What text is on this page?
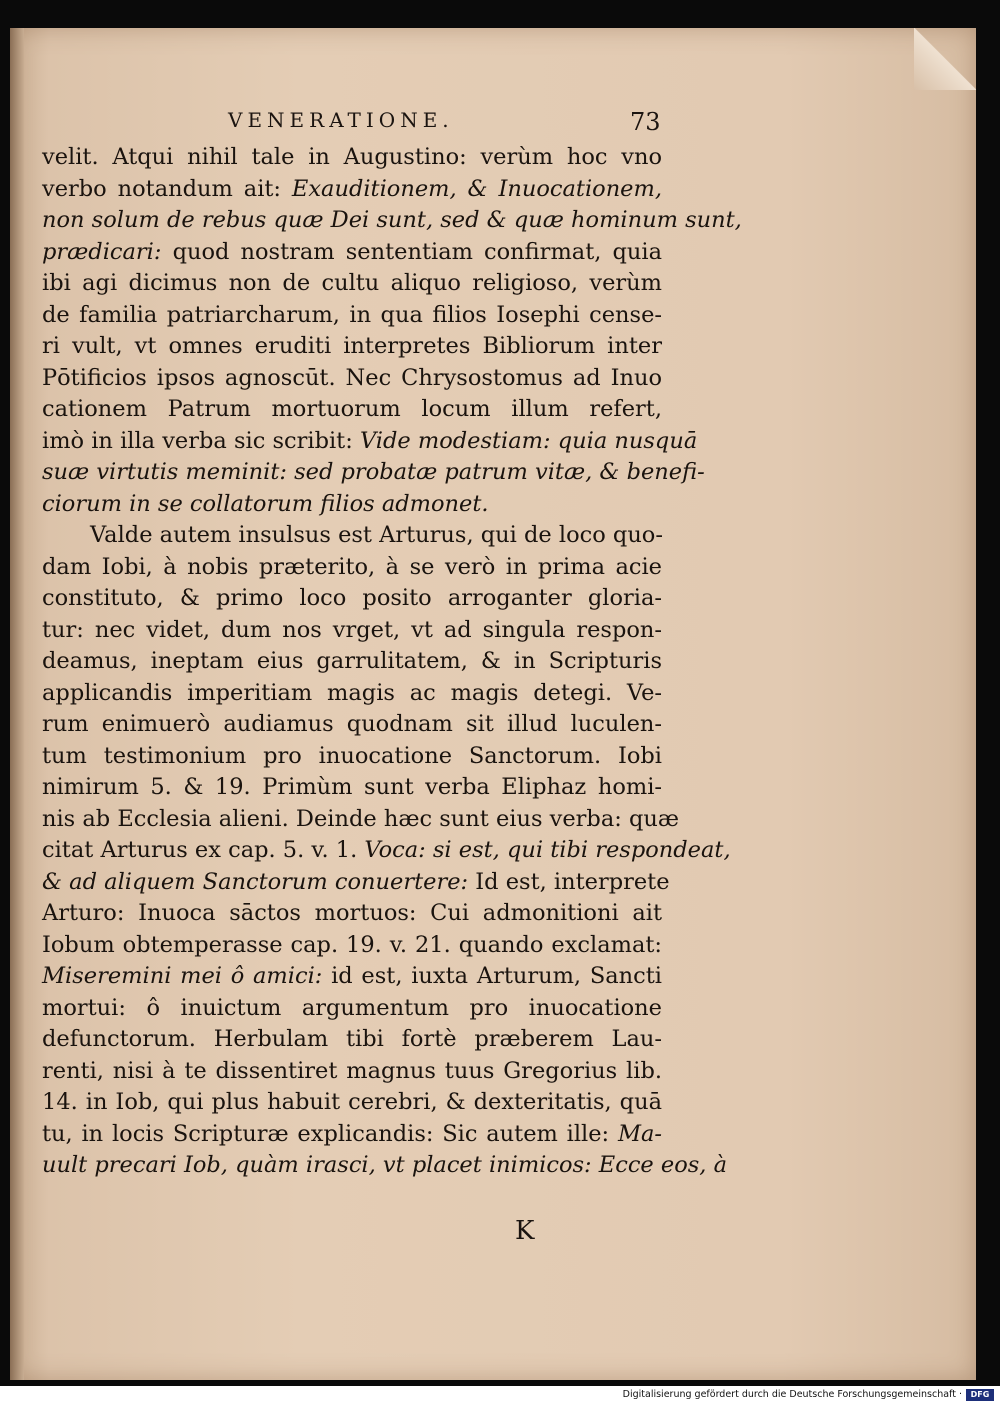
VENERATIONE.	73
velit. Atqui nihil tale in Augustino: verùm hoc vno
verbo notandum ait: Exauditionem, & Inuocationem,
non solum de rebus quæ Dei sunt, sed & quæ hominum sunt,
prædicari: quod nostram sententiam confirmat, quia
ibi agi dicimus non de cultu aliquo religioso, verùm
de familia patriarcharum, in qua filios Iosephi cense-
ri vult, vt omnes eruditi interpretes Bibliorum inter
Pōtificios ipsos agnoscūt. Nec Chrysostomus ad Inuo
cationem Patrum mortuorum locum illum refert,
imò in illa verba sic scribit: Vide modestiam: quia nusquā
suæ virtutis meminit: sed probatæ patrum vitæ, & benefi-
ciorum in se collatorum filios admonet.
Valde autem insulsus est Arturus, qui de loco quo-
dam Iobi, à nobis præterito, à se verò in prima acie
constituto, & primo loco posito arroganter gloria-
tur: nec videt, dum nos vrget, vt ad singula respon-
deamus, ineptam eius garrulitatem, & in Scripturis
applicandis imperitiam magis ac magis detegi. Ve-
rum enimuerò audiamus quodnam sit illud luculen-
tum testimonium pro inuocatione Sanctorum. Iobi
nimirum 5. & 19. Primùm sunt verba Eliphaz homi-
nis ab Ecclesia alieni. Deinde hæc sunt eius verba: quæ
citat Arturus ex cap. 5. v. 1. Voca: si est, qui tibi respondeat,
& ad aliquem Sanctorum conuertere: Id est, interprete
Arturo: Inuoca sāctos mortuos: Cui admonitioni ait
Iobum obtemperasse cap. 19. v. 21. quando exclamat:
Miseremini mei ô amici: id est, iuxta Arturum, Sancti
mortui: ô inuictum argumentum pro inuocatione
defunctorum. Herbulam tibi fortè præberem Lau-
renti, nisi à te dissentiret magnus tuus Gregorius lib.
14. in Iob, qui plus habuit cerebri, & dexteritatis, quā
tu, in locis Scripturæ explicandis: Sic autem ille: Ma-
uult precari Iob, quàm irasci, vt placet inimicos: Ecce eos, à
K
Digitalisierung gefördert durch die Deutsche Forschungsgemeinschaft ·	DFG
